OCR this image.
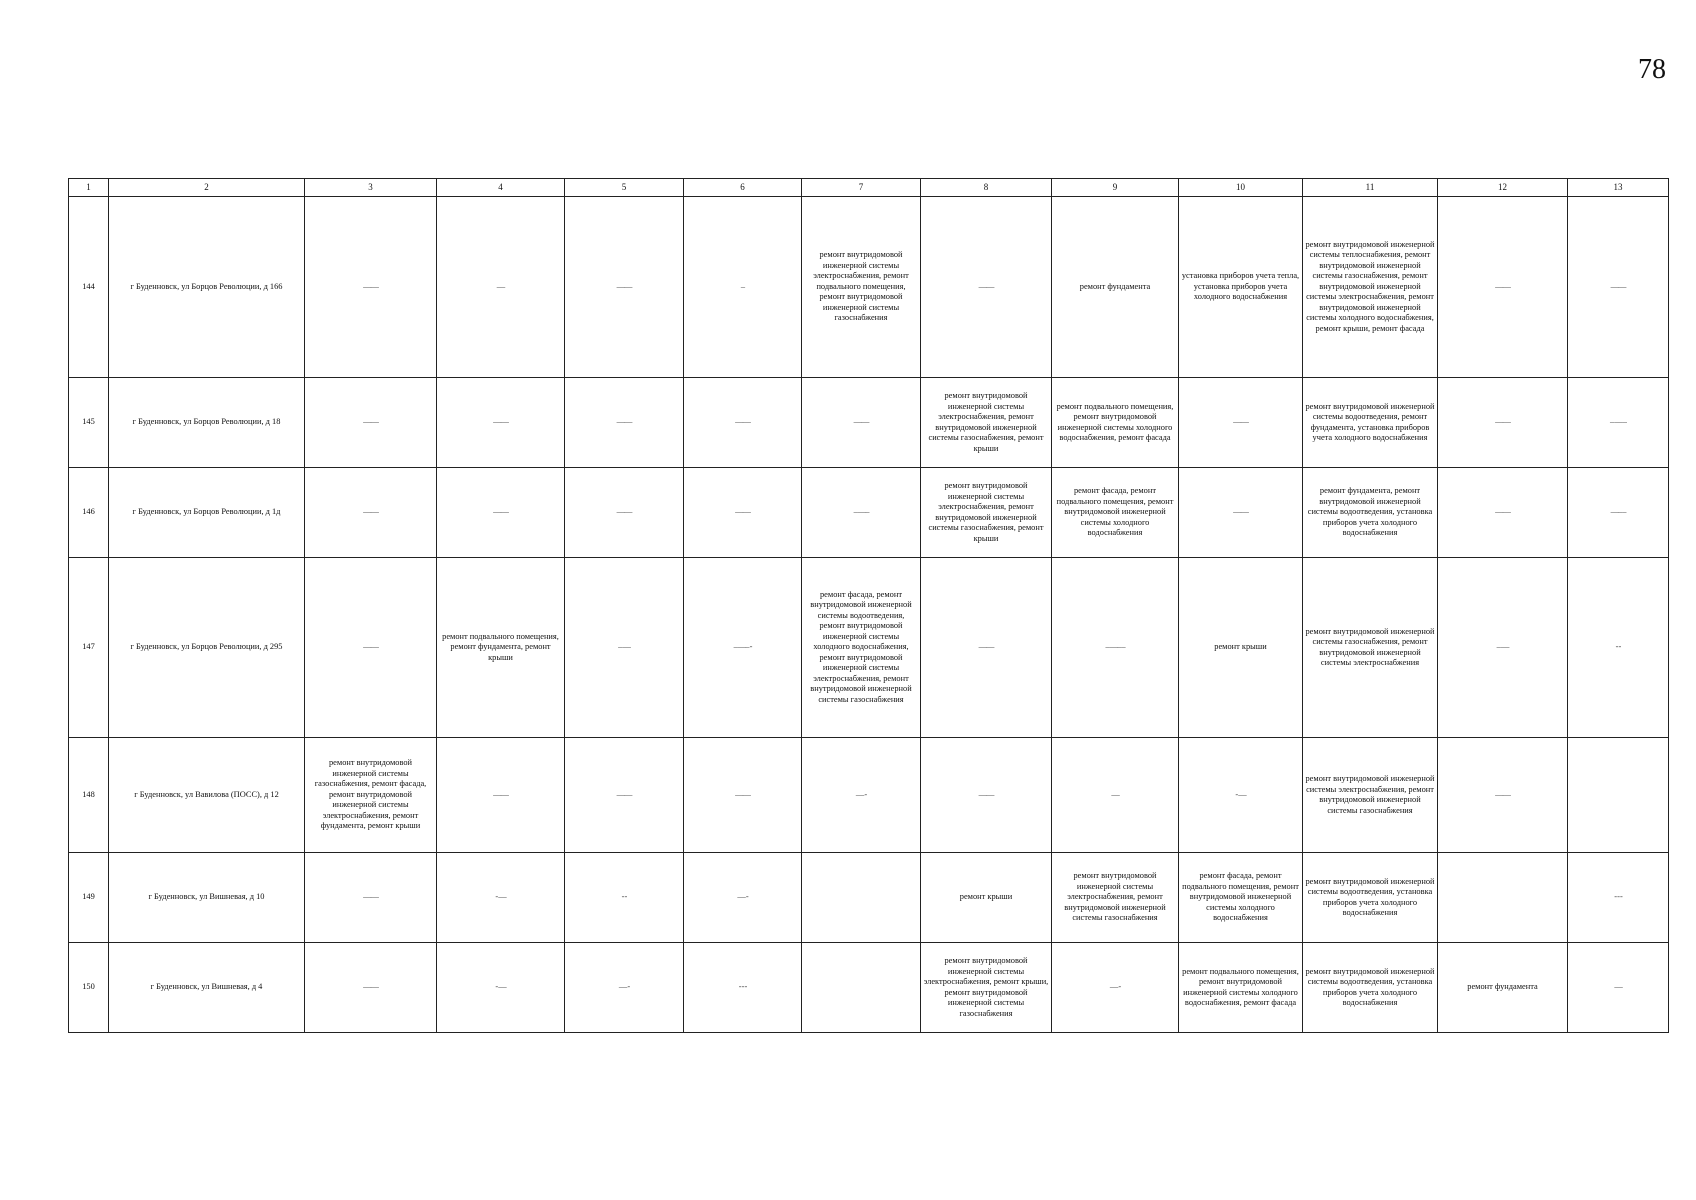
78
1	2	3	4	5	6	7	8	9	10	11	12	13
144	г Буденновск, ул Борцов Революции, д 166	——	– –	——	–	ремонт внутридомовой инженерной системы электроснабжения, ремонт подвального помещения, ремонт внутридомовой инженерной системы газоснабжения	——	ремонт фундамента	установка приборов учета тепла, установка приборов учета холодного водоснабжения	ремонт внутридомовой инженерной системы теплоснабжения, ремонт внутридомовой инженерной системы газоснабжения, ремонт внутридомовой инженерной системы электроснабжения, ремонт внутридомовой инженерной системы холодного водоснабжения, ремонт крыши, ремонт фасада	——	——
145	г Буденновск, ул Борцов Революции, д 18	——	——	——	——	——	ремонт внутридомовой инженерной системы электроснабжения, ремонт внутридомовой инженерной системы газоснабжения, ремонт крыши	ремонт подвального помещения, ремонт внутридомовой инженерной системы холодного водоснабжения, ремонт фасада	——	ремонт внутридомовой инженерной системы водоотведения, ремонт фундамента, установка приборов учета холодного водоснабжения	——	– — –
146	г Буденновск, ул Борцов Революции, д 1д	——	——	——	——	– —–	ремонт внутридомовой инженерной системы электроснабжения, ремонт внутридомовой инженерной системы газоснабжения, ремонт крыши	ремонт фасада, ремонт подвального помещения, ремонт внутридомовой инженерной системы холодного водоснабжения	——	ремонт фундамента, ремонт внутридомовой инженерной системы водоотведения, установка приборов учета холодного водоснабжения	——	—– –
147	г Буденновск, ул Борцов Революции, д 295	——	ремонт подвального помещения, ремонт фундамента, ремонт крыши	– —	– —– -	ремонт фасада, ремонт внутридомовой инженерной системы водоотведения, ремонт внутридомовой инженерной системы холодного водоснабжения, ремонт внутридомовой инженерной системы электроснабжения, ремонт внутридомовой инженерной системы газоснабжения	——	– —– –	ремонт крыши	ремонт внутридомовой инженерной системы газоснабжения, ремонт внутридомовой инженерной системы электроснабжения	– —	- -
148	г Буденновск, ул Вавилова (ПОСС), д 12	ремонт внутридомовой инженерной системы газоснабжения, ремонт фасада, ремонт внутридомовой инженерной системы электроснабжения, ремонт фундамента, ремонт крыши	——	——	——	— -	——	—	- —	ремонт внутридомовой инженерной системы электроснабжения, ремонт внутридомовой инженерной системы газоснабжения	——	
149	г Буденновск, ул Вишневая, д 10	——	- —	- -	— -		ремонт крыши	ремонт внутридомовой инженерной системы электроснабжения, ремонт внутридомовой инженерной системы газоснабжения	ремонт фасада, ремонт подвального помещения, ремонт внутридомовой инженерной системы холодного водоснабжения	ремонт внутридомовой инженерной системы водоотведения, установка приборов учета холодного водоснабжения		- - -
150	г Буденновск, ул Вишневая, д 4	——	- —	— -	- - -		ремонт внутридомовой инженерной системы электроснабжения, ремонт крыши, ремонт внутридомовой инженерной системы газоснабжения	— -	ремонт подвального помещения, ремонт внутридомовой инженерной системы холодного водоснабжения, ремонт фасада	ремонт внутридомовой инженерной системы водоотведения, установка приборов учета холодного водоснабжения	ремонт фундамента	—
